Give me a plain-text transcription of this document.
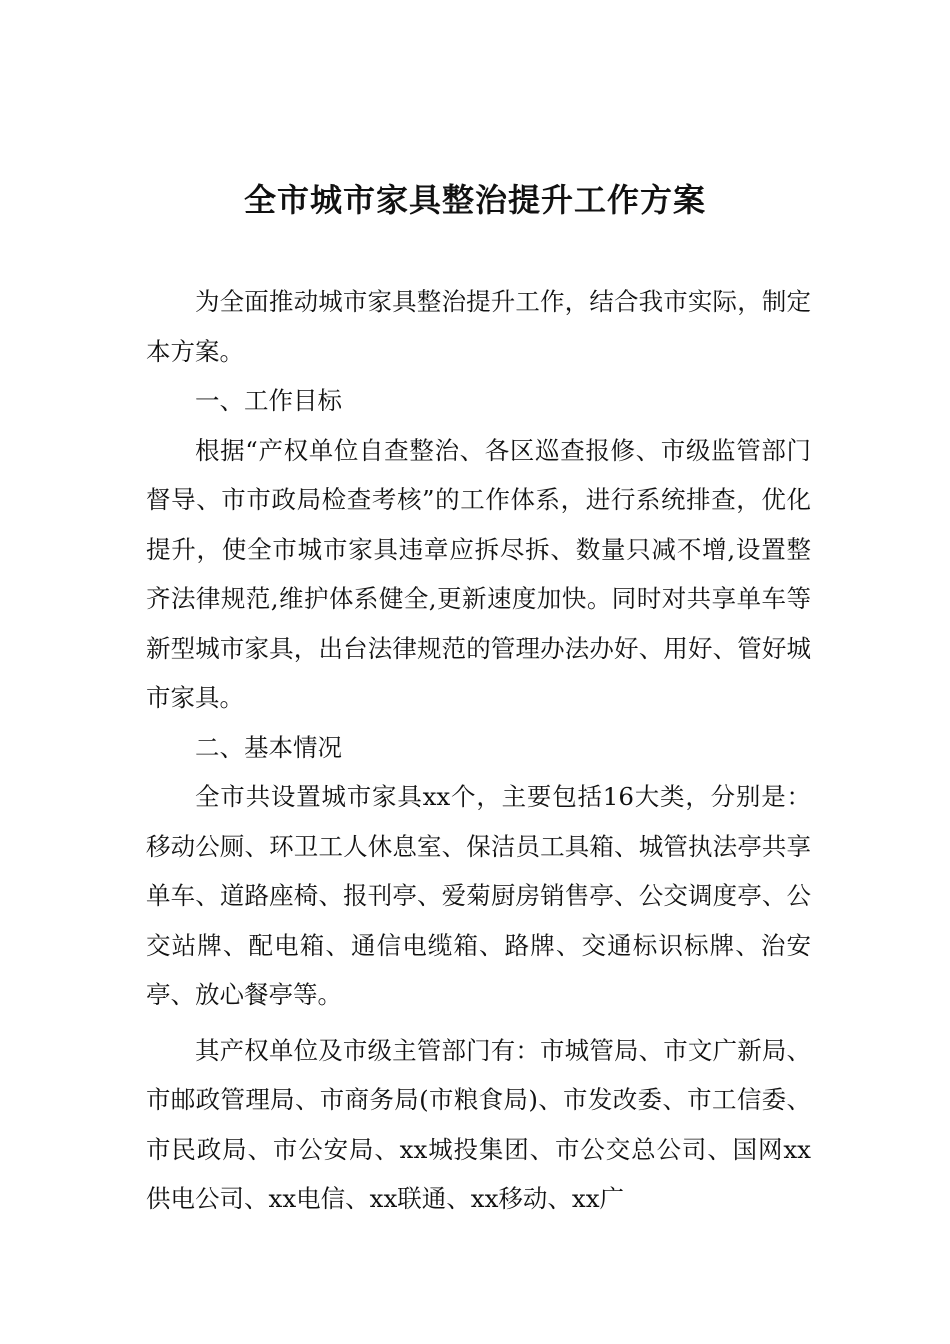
全市城市家具整治提升工作方案

为全面推动城市家具整治提升工作，结合我市实际，制定本方案。

一、工作目标

根据“产权单位自查整治、各区巡查报修、市级监管部门督导、市市政局检查考核”的工作体系，进行系统排查，优化提升，使全市城市家具违章应拆尽拆、数量只减不增,设置整齐法律规范,维护体系健全,更新速度加快。同时对共享单车等新型城市家具，出台法律规范的管理办法办好、用好、管好城市家具。

二、基本情况

全市共设置城市家具xx个，主要包括16大类，分别是：移动公厕、环卫工人休息室、保洁员工具箱、城管执法亭共享单车、道路座椅、报刊亭、爱菊厨房销售亭、公交调度亭、公交站牌、配电箱、通信电缆箱、路牌、交通标识标牌、治安亭、放心餐亭等。

其产权单位及市级主管部门有：市城管局、市文广新局、市邮政管理局、市商务局(市粮食局)、市发改委、市工信委、市民政局、市公安局、xx城投集团、市公交总公司、国网xx供电公司、xx电信、xx联通、xx移动、xx广
